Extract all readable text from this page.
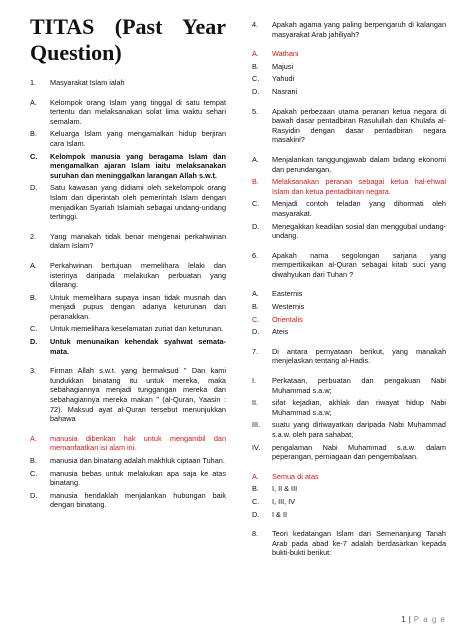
TITAS (Past Year
Question)
1. Masyarakat Islam ialah
A. Kelompok orang Islam yang tinggal di satu tempat tertentu dan melaksanakan solat lima waktu sehari semalam.
B. Keluarga Islam yang mengamalkan hidup berjiran cara Islam.
C. Kelompok manusia yang beragama Islam dan mengamalkan ajaran Islam iaitu melaksanakan suruhan dan meninggalkan larangan Allah s.w.t.
D. Satu kawasan yang didiami oleh sekelompok orang Islam dan diperintah oleh pemerintah Islam dengan menjadikan Syariah Islamiah sebagai undang-undang tertinggi.
2. Yang manakah tidak benar mengenai perkahwinan dalam Islam?
A. Perkahwinan bertujuan memelihara lelaki dan isterinya daripada melakukan perbuatan yang dilarang.
B. Untuk memelihara supaya insan tidak musnah dan menjadi pupus dengan adanya keturunan dan peranakkan.
C. Untuk memelihara keselamatan zuriat dan keturunan.
D. Untuk menunaikan kehendak syahwat semata-mata.
3. Firman Allah s.w.t. yang bermaksud " Dan kami tundukkan binatang itu untuk mereka, maka sebahagiannya menjadi tunggangan mereka dan sebahagiannya mereka makan " (al-Quran, Yaasin : 72). Maksud ayat al-Quran tersebut menunjukkan bahawa
A. manusia diberikan hak untuk mengambil dan memanfaatkan isi alam ini.
B. manusia dan binatang adalah makhluk ciptaan Tuhan.
C. manusia bebas untuk melakukan apa saja ke atas binatang.
D. manusia hendaklah menjalankan hubungan baik dengan binatang.
4. Apakah agama yang paling berpengaruh di kalangan masyarakat Arab jahiliyah?
A. Wathani
B. Majusi
C. Yahudi
D. Nasrani
5. Apakah perbezaan utama peranan ketua negara di bawah dasar pentadbiran Rasulullah dan Khulafa al-Rasyidin dengan dasar pentadbiran negara masakini?
A. Menjalankan tanggungjawab dalam bidang ekonomi dan perundangan.
B. Melaksanakan peranan sebagai ketua hal-ehwal Islam dan ketua pentadbiran negara.
C. Menjadi contoh teladan yang dihormati oleh masyarakat.
D. Menegakkan keadilan sosial dan menggubal undang-undang.
6. Apakah nama segolongan sarjana yang mempertikaikan al-Quran sebagai kitab suci yang diwahyukan dari Tuhan ?
A. Easternis
B. Westernis
C. Orientalis
D. Ateis
7. Di antara pernyataan berikut, yang manakah menjelaskan tentang al-Hadis.
I. Perkataan, perbuatan dan pengakuan Nabi Muhammad s.a.w;
II. sifat kejadian, akhlak dan riwayat hidup Nabi Muhammad s.a.w;
III. suatu yang diriwayatkan daripada Nabi Muhammad s.a.w. oleh para sahabat;
IV. pengalaman Nabi Muhammad s.a.w. dalam peperangan, perniagaan dan pengembalaan.
A. Semua di atas
B. I, II & III
C. I, III, IV
D. I & II
8. Teori kedatangan Islam dari Semenanjung Tanah Arab pada abad ke-7 adalah berdasarkan kepada bukti-bukti berikut:
1 | P a g e
